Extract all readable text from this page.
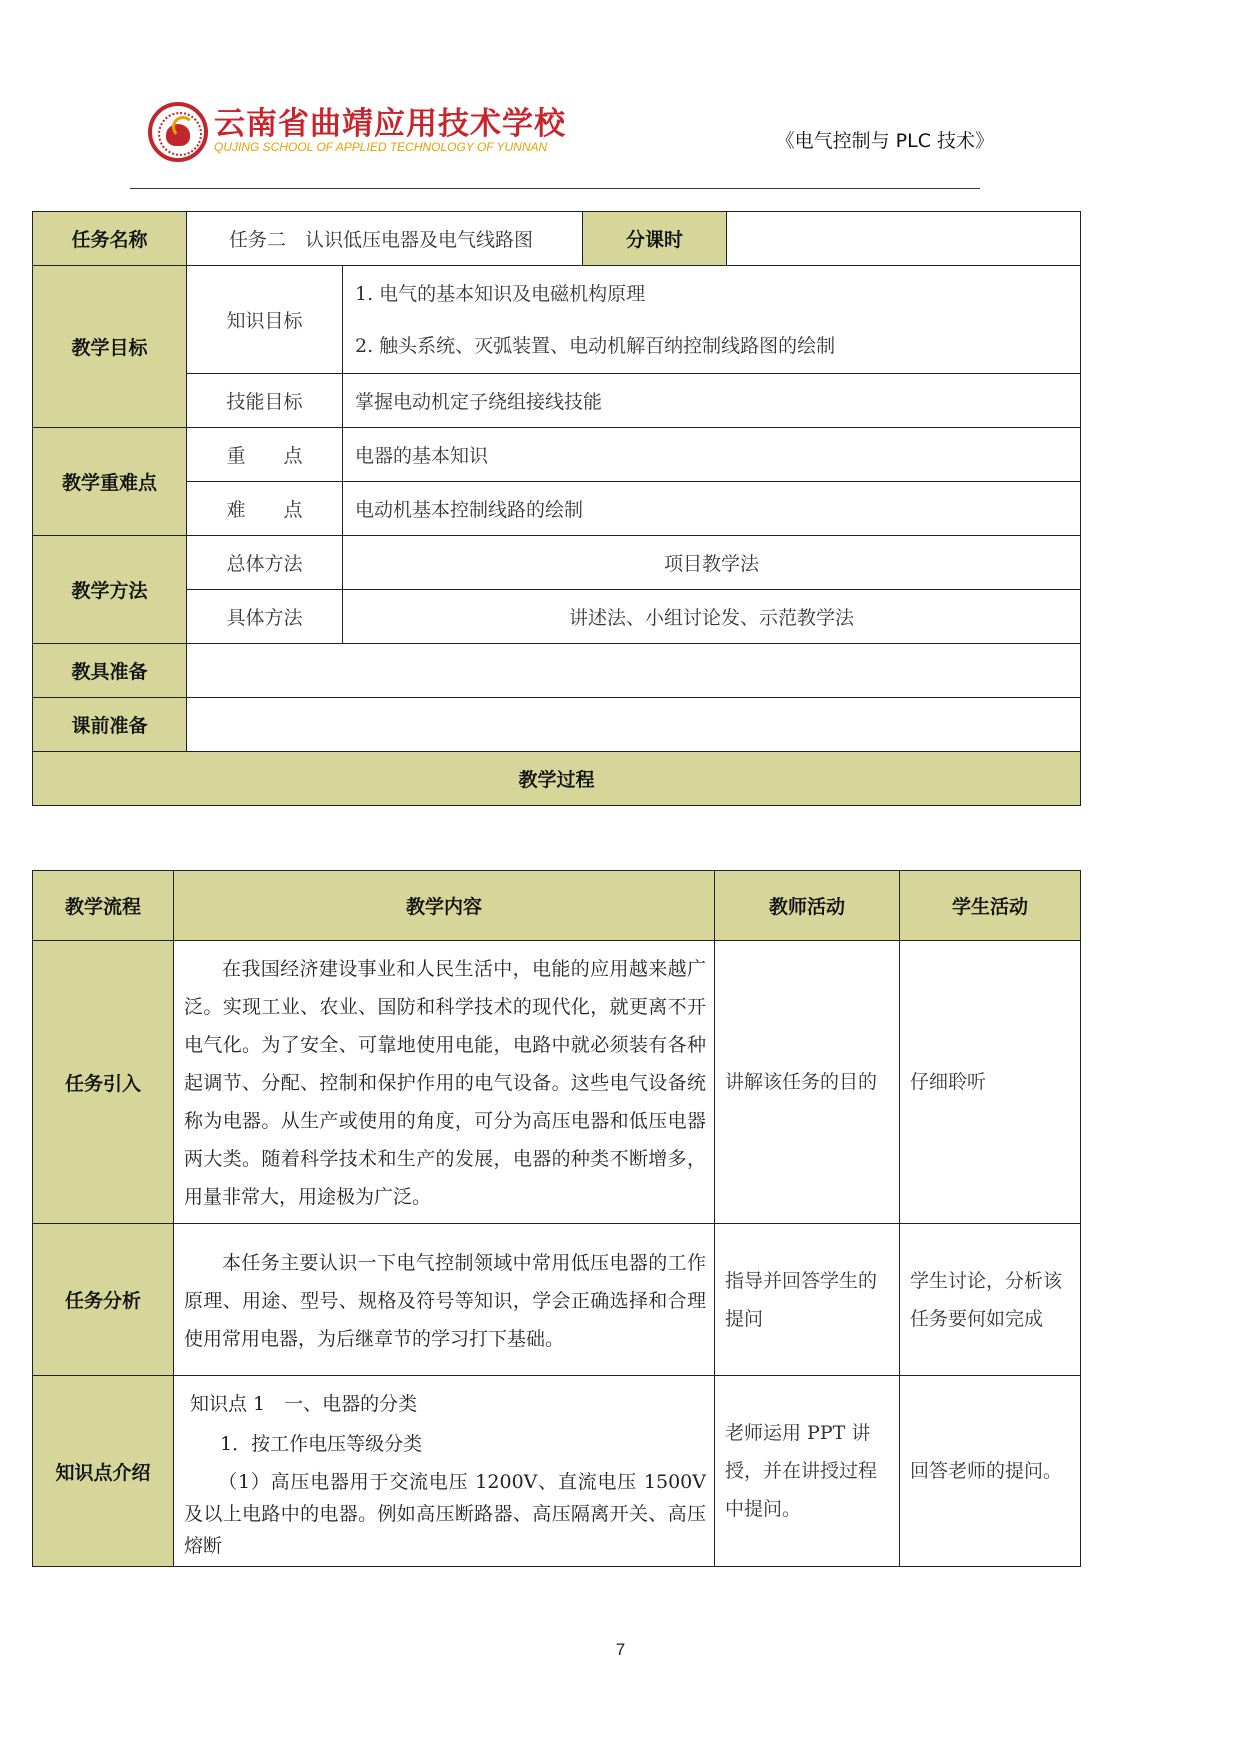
云南省曲靖应用技术学校
QUJING SCHOOL OF APPLIED TECHNOLOGY OF YUNNAN	《电气控制与 PLC 技术》
任务名称	任务二　认识低压电器及电气线路图		分课时	
教学目标	知识目标	1. 电气的基本知识及电磁机构原理
2. 触头系统、灭弧装置、电动机解百纳控制线路图的绘制		

	技能目标	掌握电动机定子绕组接线技能		
教学重难点	重　　点	电器的基本知识		
	难　　点	电动机基本控制线路的绘制		
教学方法	总体方法	项目教学法		
	具体方法	讲述法、小组讨论发、示范教学法		
教具准备				
课前准备				
教学过程				
教学流程	教学内容	教师活动	学生活动
任务引入	在我国经济建设事业和人民生活中，电能的应用越来越广泛。实现工业、农业、国防和科学技术的现代化，就更离不开电气化。为了安全、可靠地使用电能，电路中就必须装有各种起调节、分配、控制和保护作用的电气设备。这些电气设备统称为电器。从生产或使用的角度，可分为高压电器和低压电器两大类。随着科学技术和生产的发展，电器的种类不断增多，用量非常大，用途极为广泛。	讲解该任务的目的	仔细聆听
任务分析	本任务主要认识一下电气控制领域中常用低压电器的工作原理、用途、型号、规格及符号等知识，学会正确选择和合理使用常用电器，为后继章节的学习打下基础。	指导并回答学生的提问	学生讨论，分析该任务要何如完成
知识点介绍	知识点 1　一、电器的分类

1．按工作电压等级分类

（1）高压电器用于交流电压 1200V、直流电压 1500V 及以上电路中的电器。例如高压断路器、高压隔离开关、高压熔断	老师运用 PPT 讲授，并在讲授过程中提问。	回答老师的提问。
7
